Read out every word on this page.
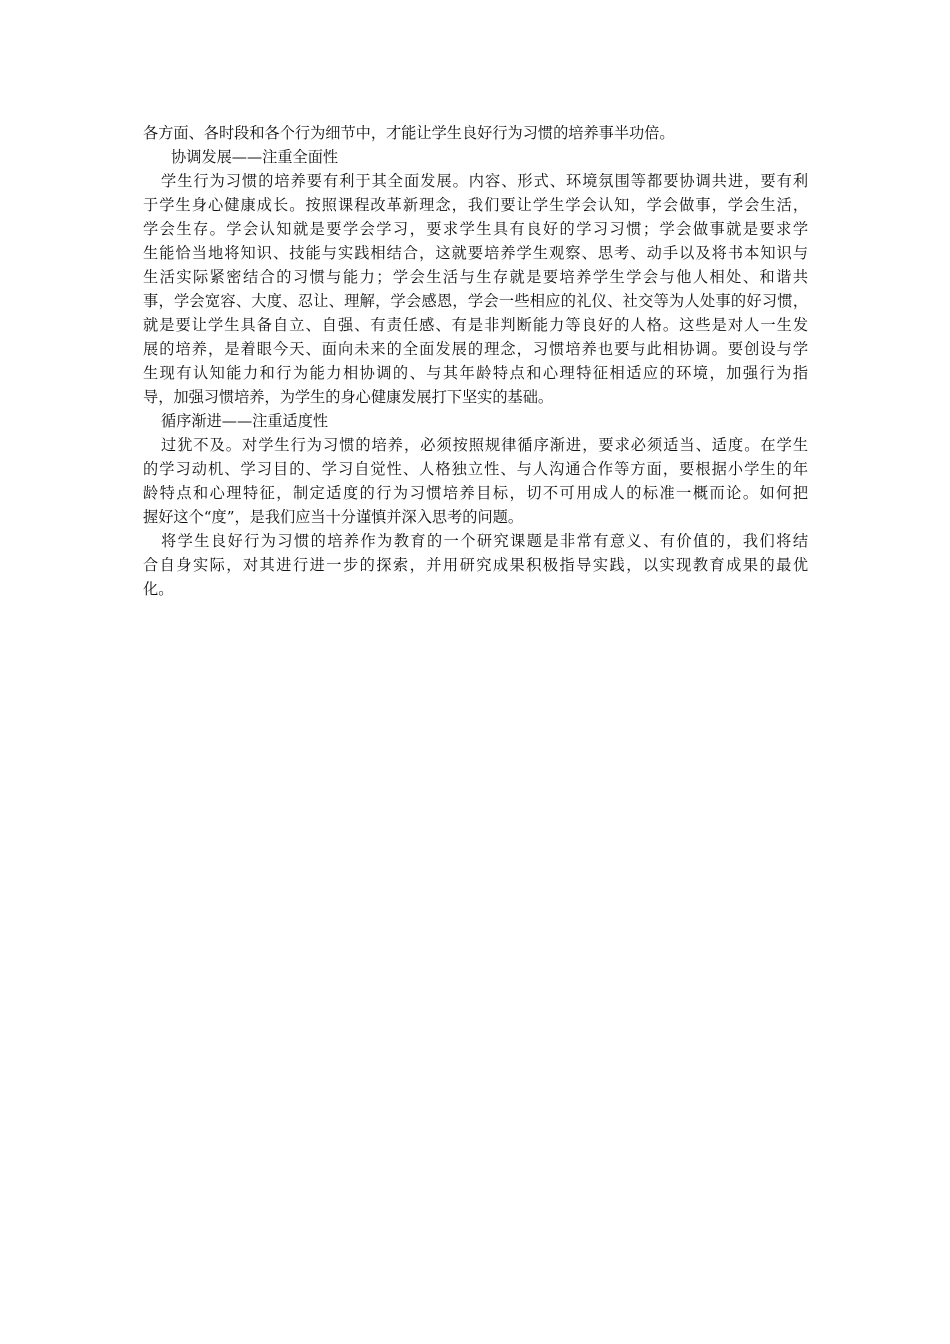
各方面、各时段和各个行为细节中，才能让学生良好行为习惯的培养事半功倍。
协调发展——注重全面性
学生行为习惯的培养要有利于其全面发展。内容、形式、环境氛围等都要协调共进，要有利
于学生身心健康成长。按照课程改革新理念，我们要让学生学会认知，学会做事，学会生活，
学会生存。学会认知就是要学会学习，要求学生具有良好的学习习惯；学会做事就是要求学
生能恰当地将知识、技能与实践相结合，这就要培养学生观察、思考、动手以及将书本知识与
生活实际紧密结合的习惯与能力；学会生活与生存就是要培养学生学会与他人相处、和谐共
事，学会宽容、大度、忍让、理解，学会感恩，学会一些相应的礼仪、社交等为人处事的好习惯，
就是要让学生具备自立、自强、有责任感、有是非判断能力等良好的人格。这些是对人一生发
展的培养，是着眼今天、面向未来的全面发展的理念，习惯培养也要与此相协调。要创设与学
生现有认知能力和行为能力相协调的、与其年龄特点和心理特征相适应的环境，加强行为指
导，加强习惯培养，为学生的身心健康发展打下坚实的基础。
循序渐进——注重适度性
过犹不及。对学生行为习惯的培养，必须按照规律循序渐进，要求必须适当、适度。在学生
的学习动机、学习目的、学习自觉性、人格独立性、与人沟通合作等方面，要根据小学生的年
龄特点和心理特征，制定适度的行为习惯培养目标，切不可用成人的标准一概而论。如何把
握好这个“度”，是我们应当十分谨慎并深入思考的问题。
将学生良好行为习惯的培养作为教育的一个研究课题是非常有意义、有价值的，我们将结
合自身实际，对其进行进一步的探索，并用研究成果积极指导实践，以实现教育成果的最优
化。
